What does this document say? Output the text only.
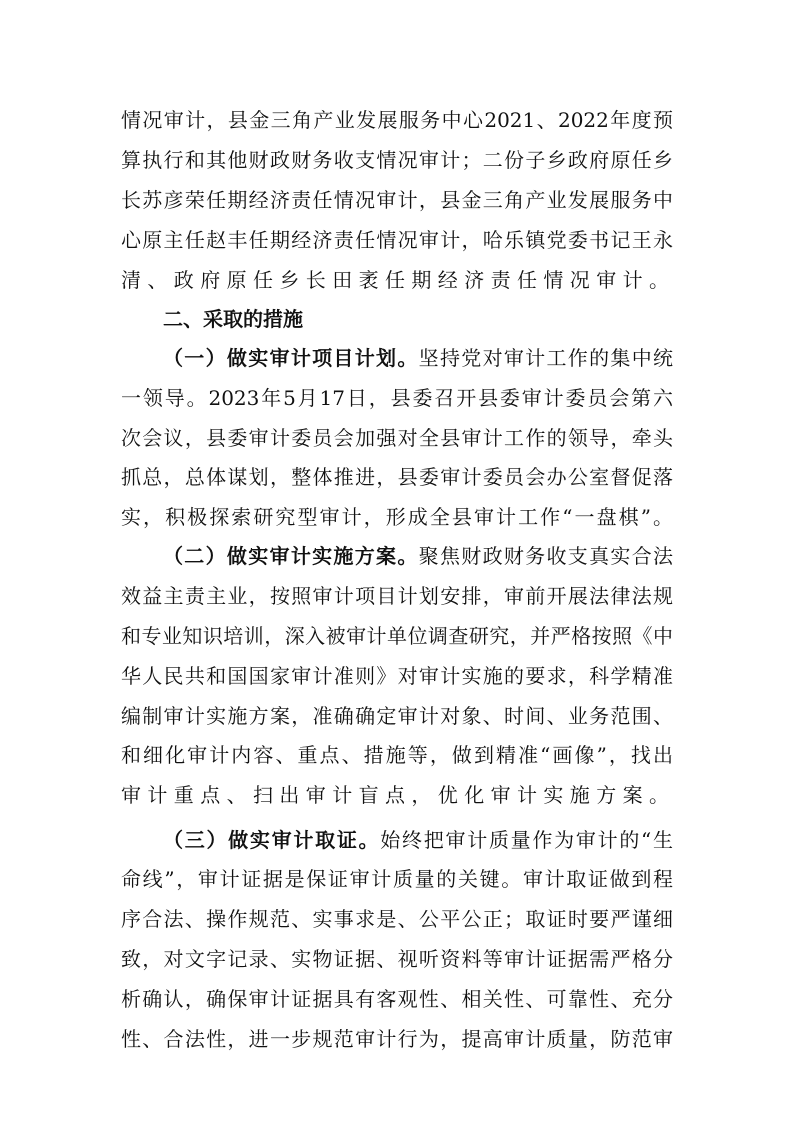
情况审计，县金三角产业发展服务中心2021、2022年度预
算执行和其他财政财务收支情况审计；二份子乡政府原任乡
长苏彦荣任期经济责任情况审计，县金三角产业发展服务中
心原主任赵丰任期经济责任情况审计，哈乐镇党委书记王永
清、政府原任乡长田袤任期经济责任情况审计。
二、采取的措施
（一）做实审计项目计划。坚持党对审计工作的集中统
一领导。2023年5月17日，县委召开县委审计委员会第六
次会议，县委审计委员会加强对全县审计工作的领导，牵头
抓总，总体谋划，整体推进，县委审计委员会办公室督促落
实，积极探索研究型审计，形成全县审计工作“一盘棋”。
（二）做实审计实施方案。聚焦财政财务收支真实合法
效益主责主业，按照审计项目计划安排，审前开展法律法规
和专业知识培训，深入被审计单位调查研究，并严格按照《中
华人民共和国国家审计准则》对审计实施的要求，科学精准
编制审计实施方案，准确确定审计对象、时间、业务范围、
和细化审计内容、重点、措施等，做到精准“画像”，找出
审计重点、扫出审计盲点，优化审计实施方案。
（三）做实审计取证。始终把审计质量作为审计的“生
命线”，审计证据是保证审计质量的关键。审计取证做到程
序合法、操作规范、实事求是、公平公正；取证时要严谨细
致，对文字记录、实物证据、视听资料等审计证据需严格分
析确认，确保审计证据具有客观性、相关性、可靠性、充分
性、合法性，进一步规范审计行为，提高审计质量，防范审
